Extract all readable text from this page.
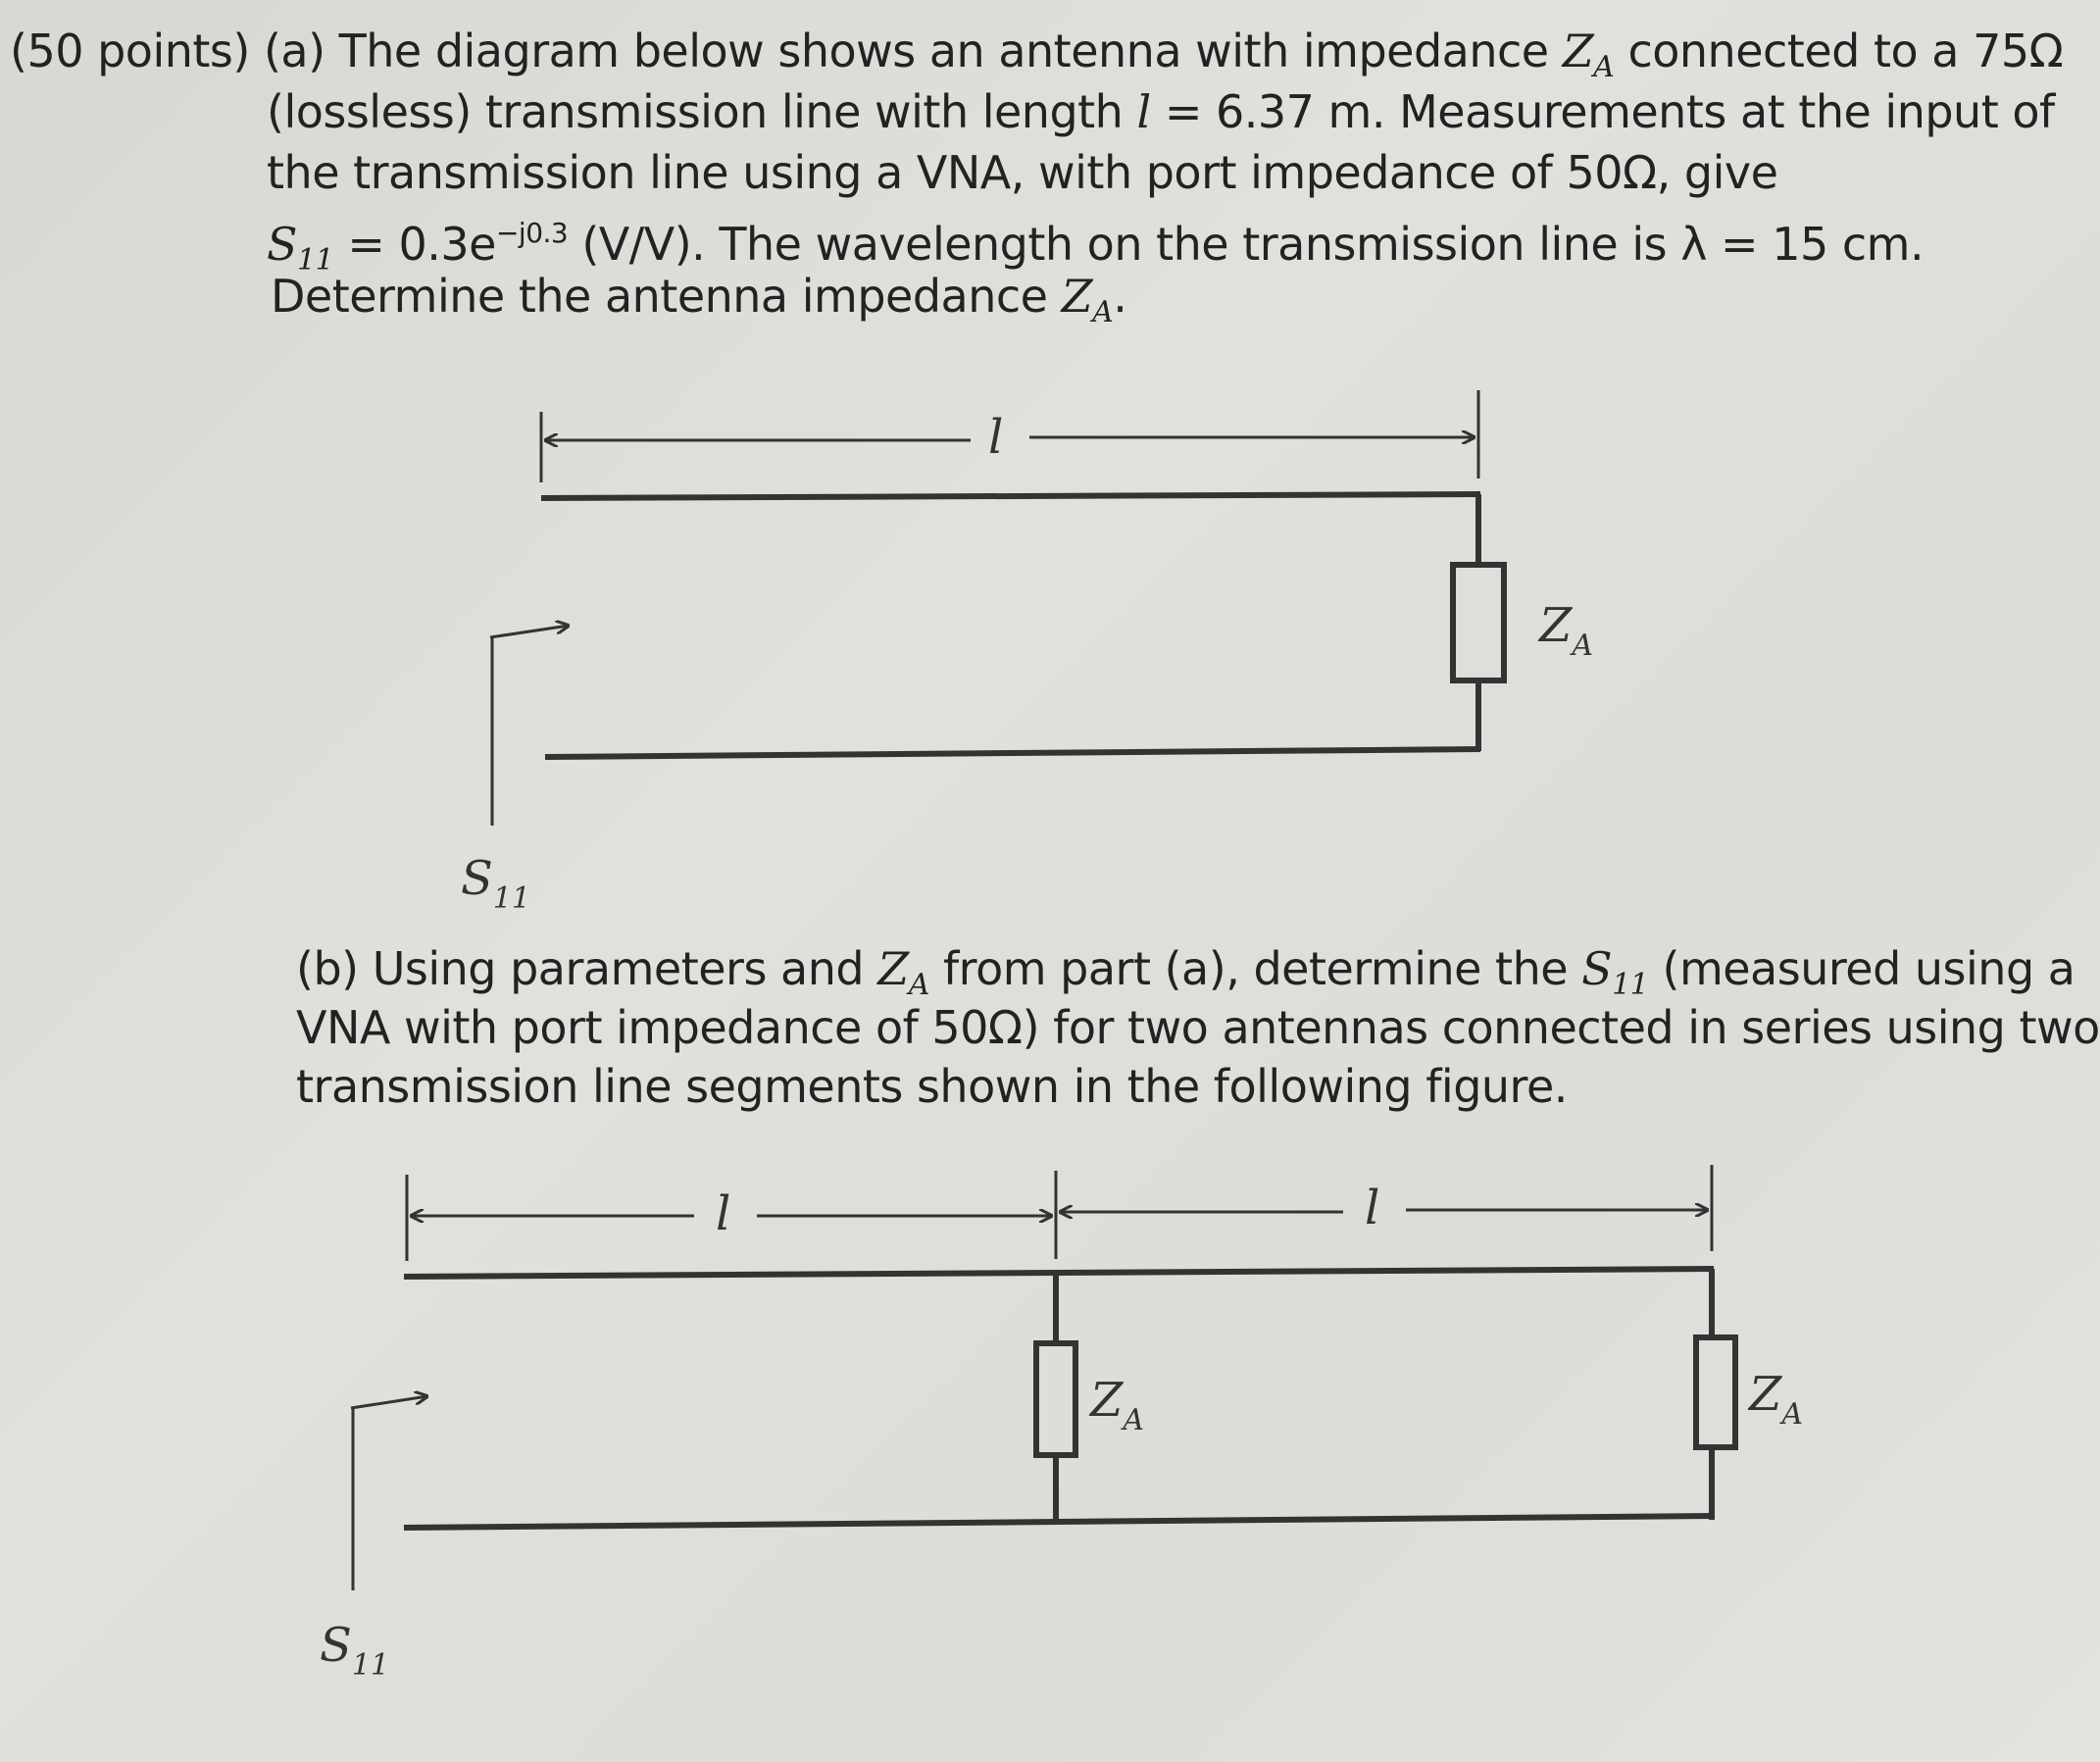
(50 points) (a) The diagram below shows an antenna with impedance $Z_A$ connected to a 75Ω
(lossless) transmission line with length l = 6.37 m. Measurements at the input of
the transmission line using a VNA, with port impedance of 50Ω, give
$S_{11} = 0.3e^{-j0.3}$ (V/V). The wavelength on the transmission line is λ = 15 cm.
Determine the antenna impedance $Z_A$.
(b) Using parameters and $Z_A$ from part (a), determine the $S_{11}$ (measured using a
VNA with port impedance of 50Ω) for two antennas connected in series using two
transmission line segments shown in the following figure.
l
$Z_A$
$S_{11}$
l	l
$Z_A$	$Z_A$
$S_{11}$
